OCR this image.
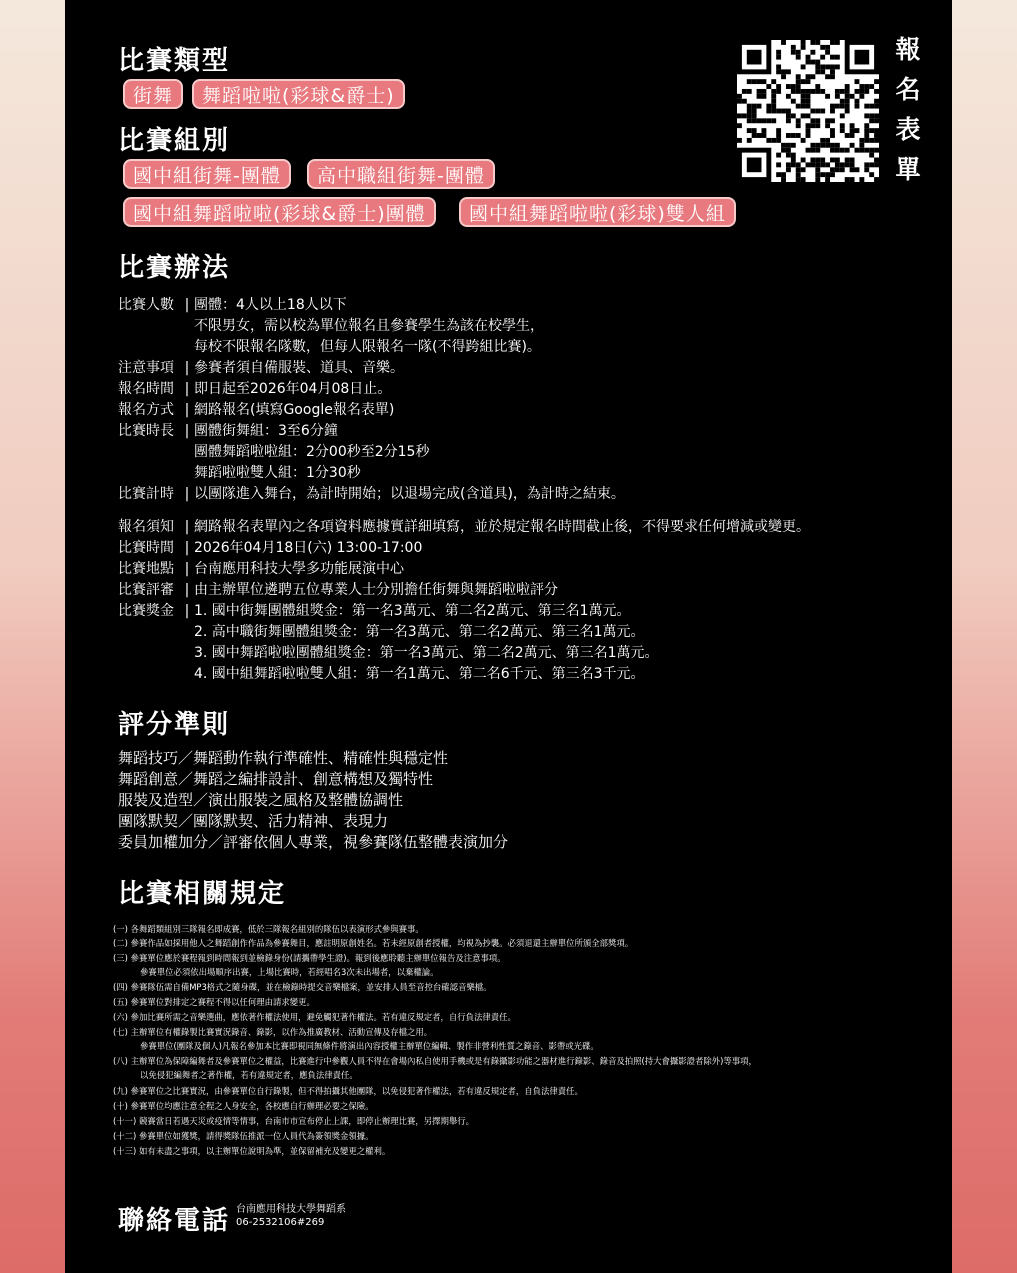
比賽類型
街舞	舞蹈啦啦(彩球&爵士)
比賽組別
國中組街舞-團體	高中職組街舞-團體
國中組舞蹈啦啦(彩球&爵士)團體	國中組舞蹈啦啦(彩球)雙人組
報
名
表
單
比賽辦法
比賽人數 | 團體：4人以上18人以下
不限男女，需以校為單位報名且參賽學生為該在校學生，
每校不限報名隊數，但每人限報名一隊(不得跨組比賽)。
注意事項 | 參賽者須自備服裝、道具、音樂。
報名時間 | 即日起至2026年04月08日止。
報名方式 | 網路報名(填寫Google報名表單)
比賽時長 | 團體街舞組：3至6分鐘
團體舞蹈啦啦組：2分00秒至2分15秒
舞蹈啦啦雙人組：1分30秒
比賽計時 | 以團隊進入舞台，為計時開始；以退場完成(含道具)，為計時之結束。
報名須知 | 網路報名表單內之各項資料應據實詳細填寫，並於規定報名時間截止後，不得要求任何增減或變更。
比賽時間 | 2026年04月18日(六) 13:00-17:00
比賽地點 | 台南應用科技大學多功能展演中心
比賽評審 | 由主辦單位遴聘五位專業人士分別擔任街舞與舞蹈啦啦評分
比賽獎金 | 1. 國中街舞團體組獎金：第一名3萬元、第二名2萬元、第三名1萬元。
2. 高中職街舞團體組獎金：第一名3萬元、第二名2萬元、第三名1萬元。
3. 國中舞蹈啦啦團體組獎金：第一名3萬元、第二名2萬元、第三名1萬元。
4. 國中組舞蹈啦啦雙人組：第一名1萬元、第二名6千元、第三名3千元。
評分準則
舞蹈技巧／舞蹈動作執行準確性、精確性與穩定性
舞蹈創意／舞蹈之編排設計、創意構想及獨特性
服裝及造型／演出服裝之風格及整體協調性
團隊默契／團隊默契、活力精神、表現力
委員加權加分／評審依個人專業，視參賽隊伍整體表演加分
比賽相關規定
(一) 各舞蹈類組別三隊報名即成賽，低於三隊報名組別的隊伍以表演形式參與賽事。
(二) 參賽作品如採用他人之舞蹈創作作品為參賽舞目，應註明原創姓名。若未經原創者授權，均視為抄襲。必須退還主辦單位所頒全部獎項。
(三) 參賽單位應於賽程報到時間報到並檢錄身份(請攜帶學生證)。報到後應聆聽主辦單位報告及注意事項。
參賽單位必須依出場順序出賽，上場比賽時，若經唱名3次未出場者，以棄權論。
(四) 參賽隊伍需自備MP3格式之隨身碟，並在檢錄時提交音樂檔案，並安排人員至音控台確認音樂檔。
(五) 參賽單位對排定之賽程不得以任何理由請求變更。
(六) 參加比賽所需之音樂選曲，應依著作權法使用，避免觸犯著作權法。若有違反規定者，自行負法律責任。
(七) 主辦單位有權錄製比賽實況錄音、錄影，以作為推廣教材、活動宣傳及存檔之用。
參賽單位(團隊及個人)凡報名參加本比賽即視同無條件將演出內容授權主辦單位編輯、製作非營利性質之錄音、影帶或光碟。
(八) 主辦單位為保障編舞者及參賽單位之權益，比賽進行中參觀人員不得在會場內私自使用手機或是有錄攝影功能之器材進行錄影、錄音及拍照(持大會攝影證者除外)等事項，
以免侵犯編舞者之著作權，若有違規定者，應負法律責任。
(九) 參賽單位之比賽實況，由參賽單位自行錄製，但不得拍攝其他團隊，以免侵犯著作權法，若有違反規定者，自負法律責任。
(十) 參賽單位均應注意全程之人身安全，各校應自行辦理必要之保險。
(十一) 競賽當日若遇天災或疫情等情事，台南市市宣布停止上課，即停止辦理比賽，另擇期舉行。
(十二) 參賽單位如獲獎，請得獎隊伍推派一位人員代為簽領獎金領據。
(十三) 如有未盡之事項，以主辦單位說明為準，並保留補充及變更之權利。
聯絡電話 台南應用科技大學舞蹈系
06-2532106#269
